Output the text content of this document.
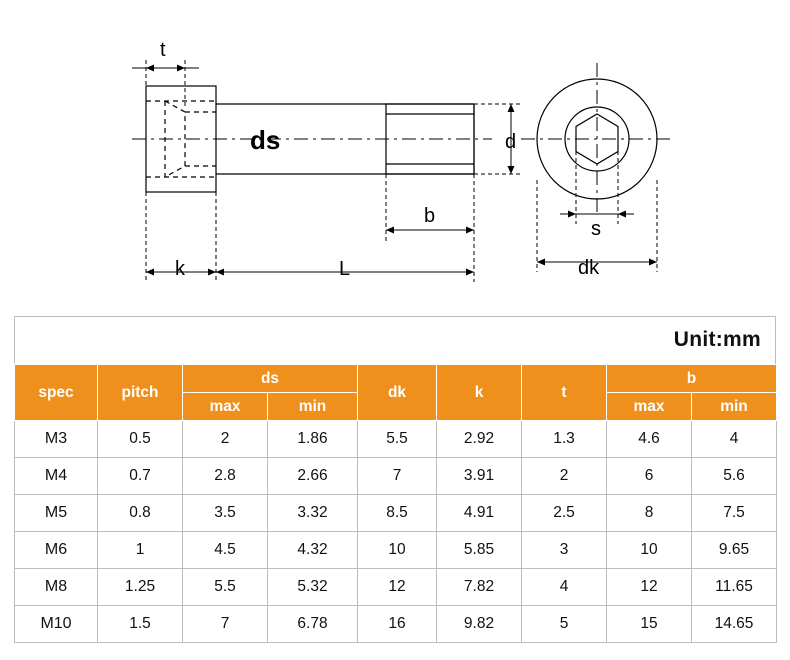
t
ds	d
b
k	L
s
dk
Unit:mm
spec	pitch	ds		dk	k	t	b	
		max	min				max	min
M3	0.5	2	1.86	5.5	2.92	1.3	4.6	4
M4	0.7	2.8	2.66	7	3.91	2	6	5.6
M5	0.8	3.5	3.32	8.5	4.91	2.5	8	7.5
M6	1	4.5	4.32	10	5.85	3	10	9.65
M8	1.25	5.5	5.32	12	7.82	4	12	11.65
M10	1.5	7	6.78	16	9.82	5	15	14.65
